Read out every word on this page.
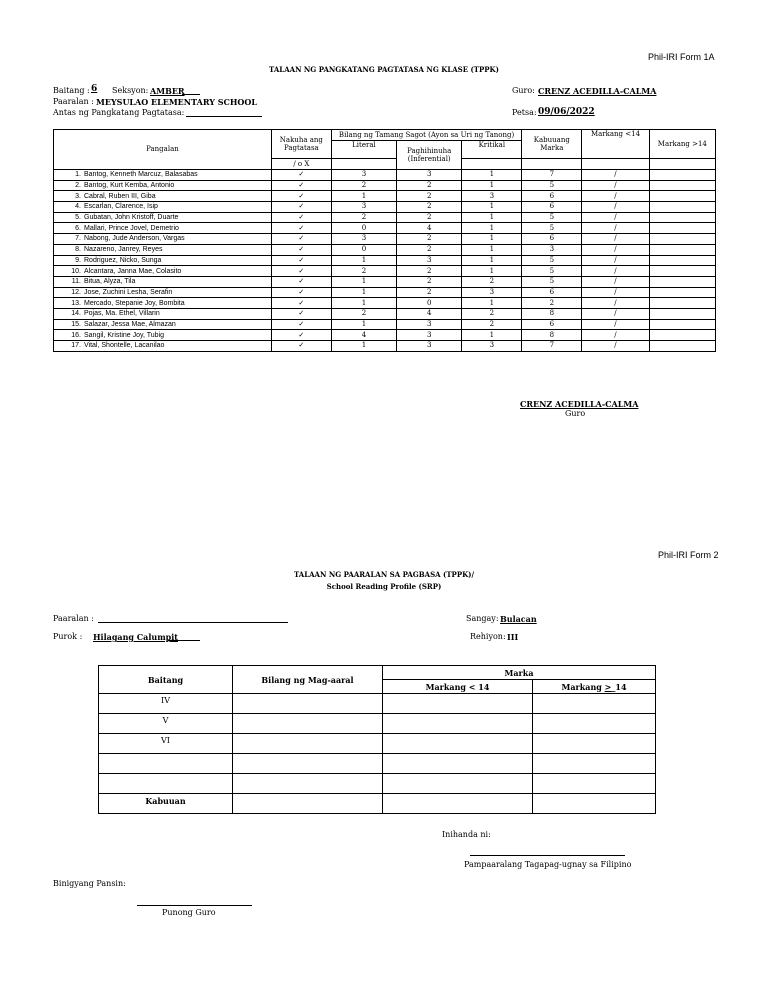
Phil-IRI Form 1A
TALAAN NG PANGKATANG PAGTATASA NG KLASE (TPPK)
Baitang : 6 Seksyon: AMBER	Guro: CRENZ ACEDILLA-CALMA
Paaralan : MEYSULAO ELEMENTARY SCHOOL
Antas ng Pangkatang Pagtatasa:	Petsa: 09/06/2022
Pangalan	Nakuha ang Pagtatasa	Bilang ng Tamang Sagot (Ayon sa Uri ng Tanong)			Kabuuang Marka	Markang <14	Markang >14
		Literal	Paghihinuha (Inferential)	Kritikal			
	/ o X						
1. Bantog, Kenneth Marcuz, Balasabas	✓	3	3	1	7	/	
2. Bantog, Kurt Kemba, Antonio	✓	2	2	1	5	/	
3. Cabral, Ruben III, Giba	✓	1	2	3	6	/	
4. Escarlan, Clarence, Isip	✓	3	2	1	6	/	
5. Gubatan, John Kristoff, Duarte	✓	2	2	1	5	/	
6. Mallari, Prince Jovel, Demetrio	✓	0	4	1	5	/	
7. Nabong, Jude Anderson, Vargas	✓	3	2	1	6	/	
8. Nazareno, Janrey, Reyes	✓	0	2	1	3	/	
9. Rodriguez, Nicko, Sunga	✓	1	3	1	5	/	
10. Alcantara, Janna Mae, Colasito	✓	2	2	1	5	/	
11. Bitua, Alyza, Tila	✓	1	2	2	5	/	
12. Jose, Zuchini Lesha, Serafin	✓	1	2	3	6	/	
13. Mercado, Stepanie Joy, Bombita	✓	1	0	1	2	/	
14. Pojas, Ma. Ethel, Villarin	✓	2	4	2	8	/	
15. Salazar, Jessa Mae, Almazan	✓	1	3	2	6	/	
16. Sangil, Kristine Joy, Tubig	✓	4	3	1	8	/	
17. Vital, Shontelle, Lacanilao	✓	1	3	3	7	/	
CRENZ ACEDILLA-CALMA
Guro
Phil-IRI Form 2
TALAAN NG PAARALAN SA PAGBASA (TPPK)/
School Reading Profile (SRP)
Paaralan :	Sangay: Bulacan
Purok : Hilagang Calumpit	Rehiyon: III
Baitang	Bilang ng Mag-aaral	Marka	
		Markang < 14	Markang >_14
IV			
V			
VI			

Kabuuan			
Inihanda ni:
Pampaaralang Tagapag-ugnay sa Filipino
Binigyang Pansin:
Punong Guro
